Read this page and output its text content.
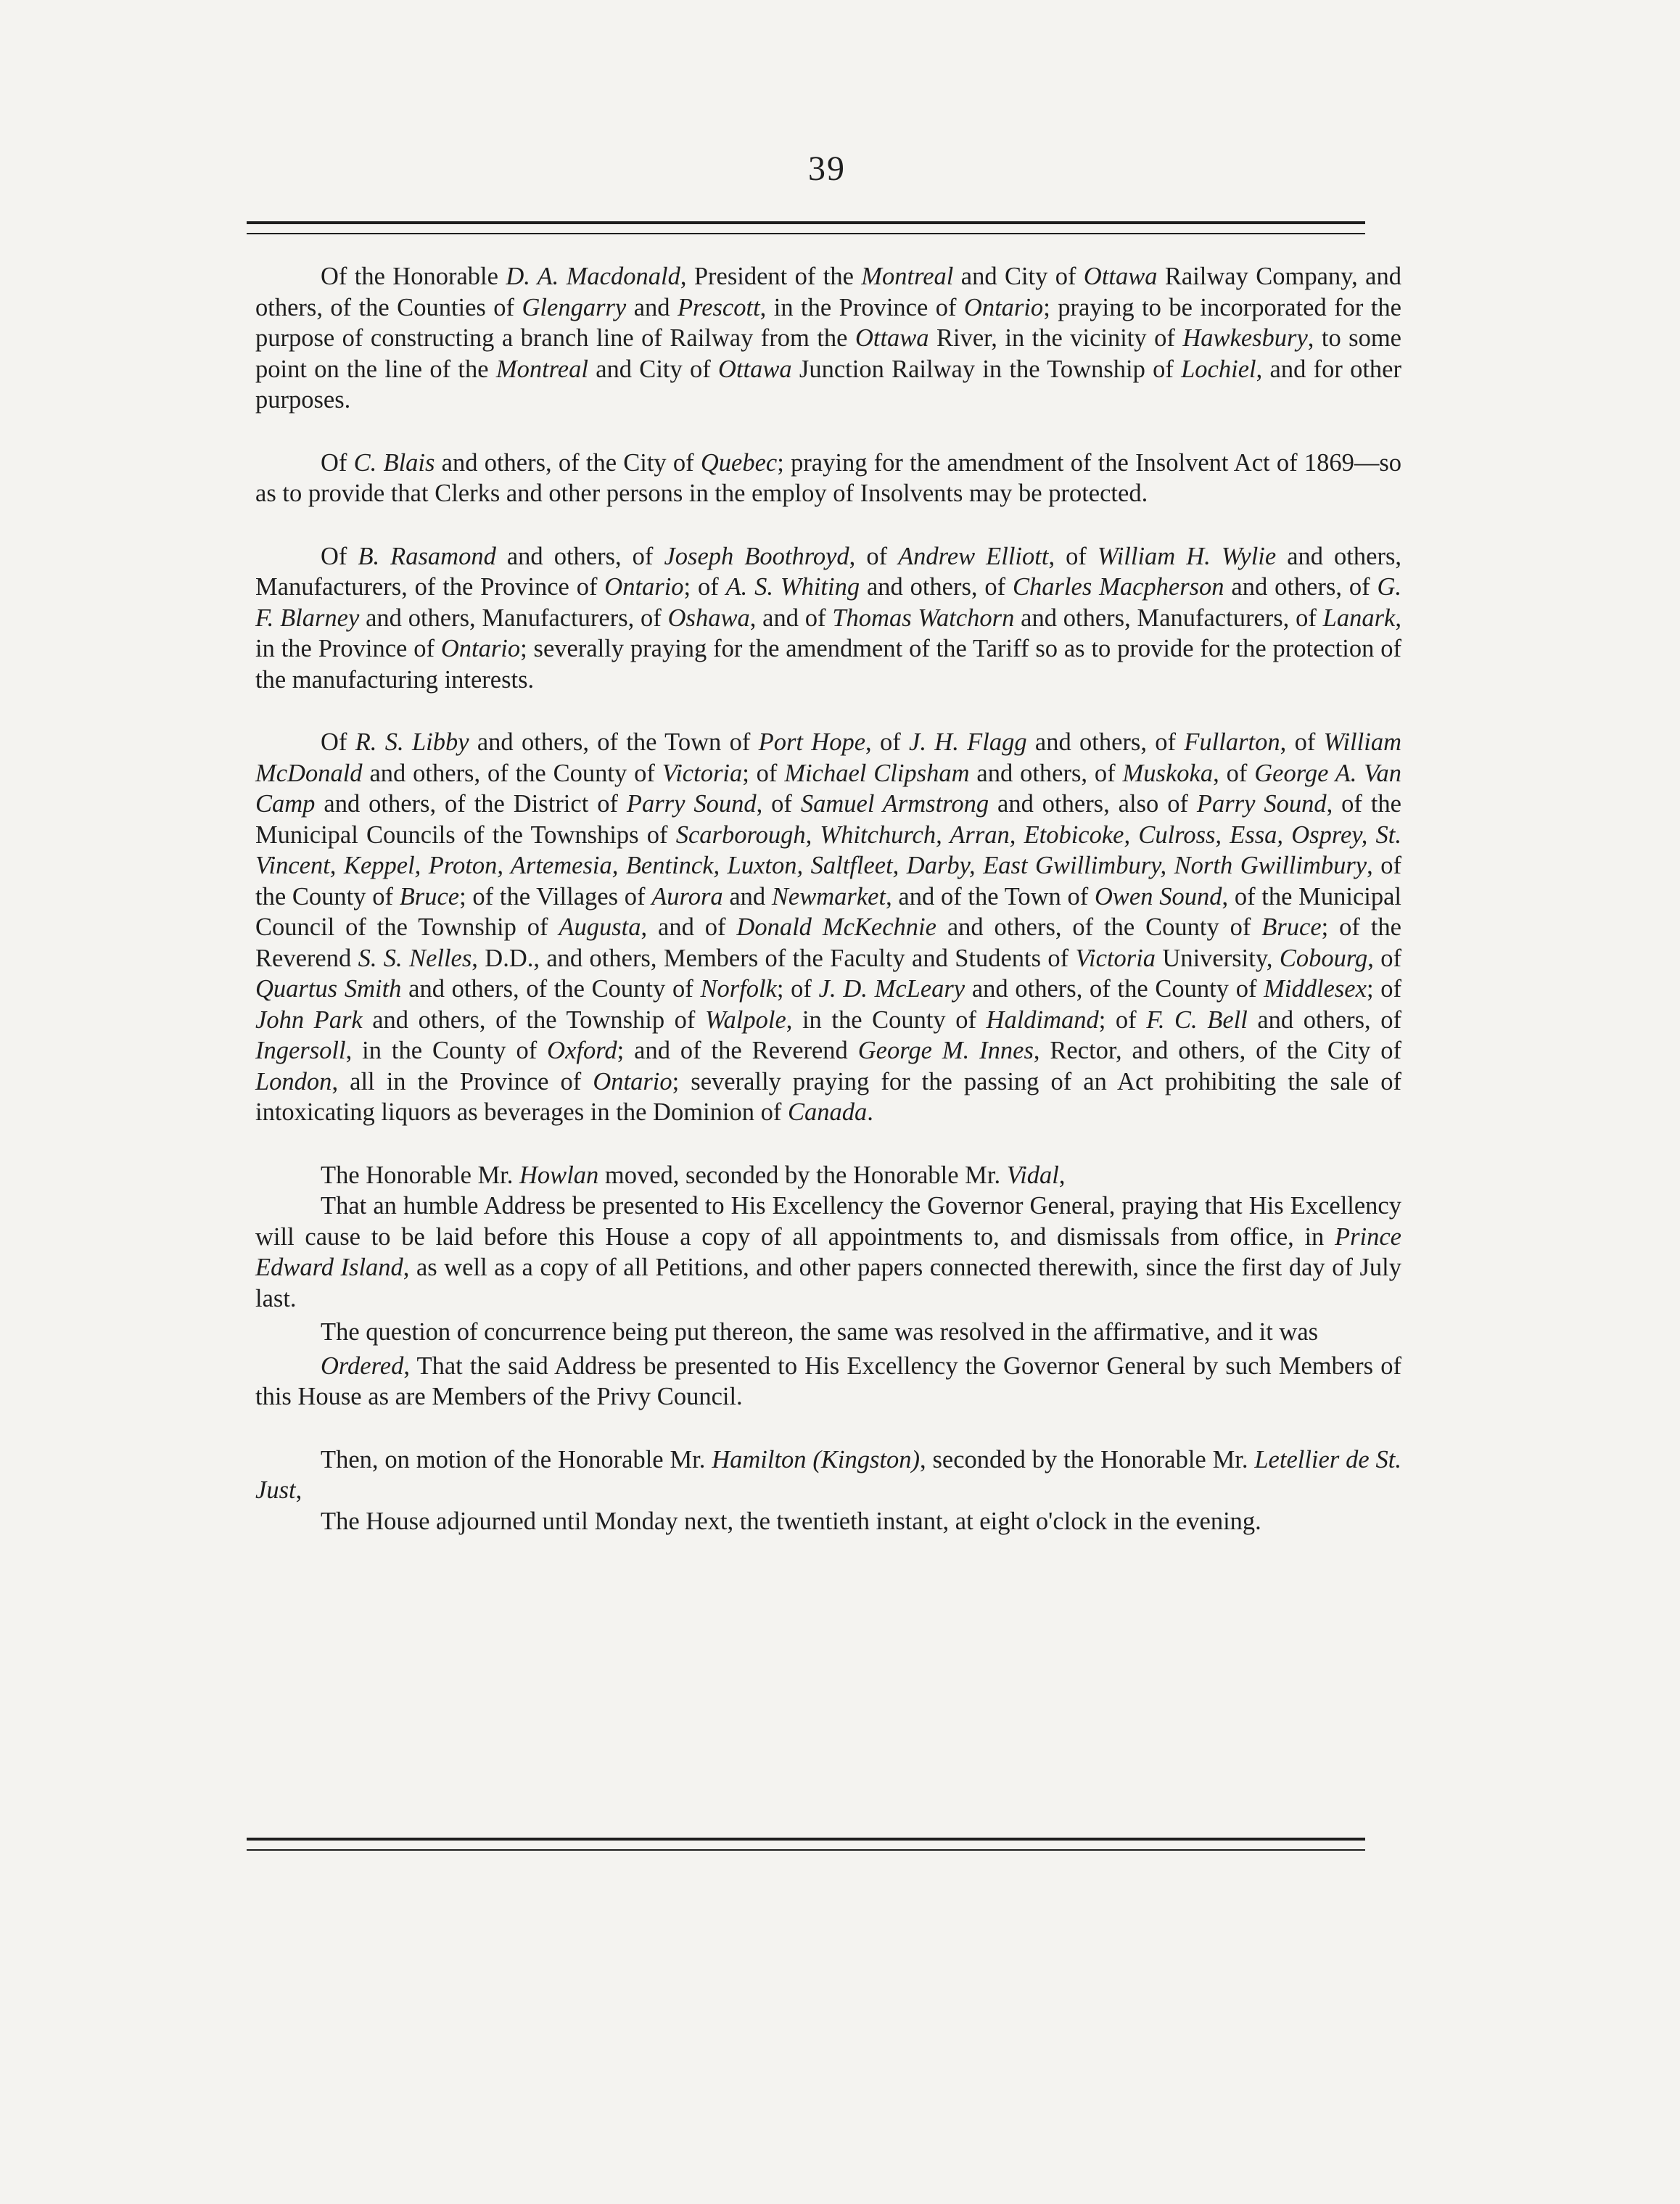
39

Of the Honorable D. A. Macdonald, President of the Montreal and City of Ottawa Railway Company, and others, of the Counties of Glengarry and Prescott, in the Province of Ontario; praying to be incorporated for the purpose of constructing a branch line of Railway from the Ottawa River, in the vicinity of Hawkesbury, to some point on the line of the Montreal and City of Ottawa Junction Railway in the Township of Lochiel, and for other purposes.

Of C. Blais and others, of the City of Quebec; praying for the amendment of the Insolvent Act of 1869—so as to provide that Clerks and other persons in the employ of Insolvents may be protected.

Of B. Rasamond and others, of Joseph Boothroyd, of Andrew Elliott, of William H. Wylie and others, Manufacturers, of the Province of Ontario; of A. S. Whiting and others, of Charles Macpherson and others, of G. F. Blarney and others, Manufacturers, of Oshawa, and of Thomas Watchorn and others, Manufacturers, of Lanark, in the Province of Ontario; severally praying for the amendment of the Tariff so as to provide for the protection of the manufacturing interests.

Of R. S. Libby and others, of the Town of Port Hope, of J. H. Flagg and others, of Fullarton, of William McDonald and others, of the County of Victoria; of Michael Clipsham and others, of Muskoka, of George A. Van Camp and others, of the District of Parry Sound, of Samuel Armstrong and others, also of Parry Sound, of the Municipal Councils of the Townships of Scarborough, Whitchurch, Arran, Etobicoke, Culross, Essa, Osprey, St. Vincent, Keppel, Proton, Artemesia, Bentinck, Luxton, Saltfleet, Darby, East Gwillimbury, North Gwillimbury, of the County of Bruce; of the Villages of Aurora and Newmarket, and of the Town of Owen Sound, of the Municipal Council of the Township of Augusta, and of Donald McKechnie and others, of the County of Bruce; of the Reverend S. S. Nelles, D.D., and others, Members of the Faculty and Students of Victoria University, Cobourg, of Quartus Smith and others, of the County of Norfolk; of J. D. McLeary and others, of the County of Middlesex; of John Park and others, of the Township of Walpole, in the County of Haldimand; of F. C. Bell and others, of Ingersoll, in the County of Oxford; and of the Reverend George M. Innes, Rector, and others, of the City of London, all in the Province of Ontario; severally praying for the passing of an Act prohibiting the sale of intoxicating liquors as beverages in the Dominion of Canada.

The Honorable Mr. Howlan moved, seconded by the Honorable Mr. Vidal,

That an humble Address be presented to His Excellency the Governor General, praying that His Excellency will cause to be laid before this House a copy of all appointments to, and dismissals from office, in Prince Edward Island, as well as a copy of all Petitions, and other papers connected therewith, since the first day of July last.

The question of concurrence being put thereon, the same was resolved in the affirmative, and it was

Ordered, That the said Address be presented to His Excellency the Governor General by such Members of this House as are Members of the Privy Council.

Then, on motion of the Honorable Mr. Hamilton (Kingston), seconded by the Honorable Mr. Letellier de St. Just,

The House adjourned until Monday next, the twentieth instant, at eight o'clock in the evening.
